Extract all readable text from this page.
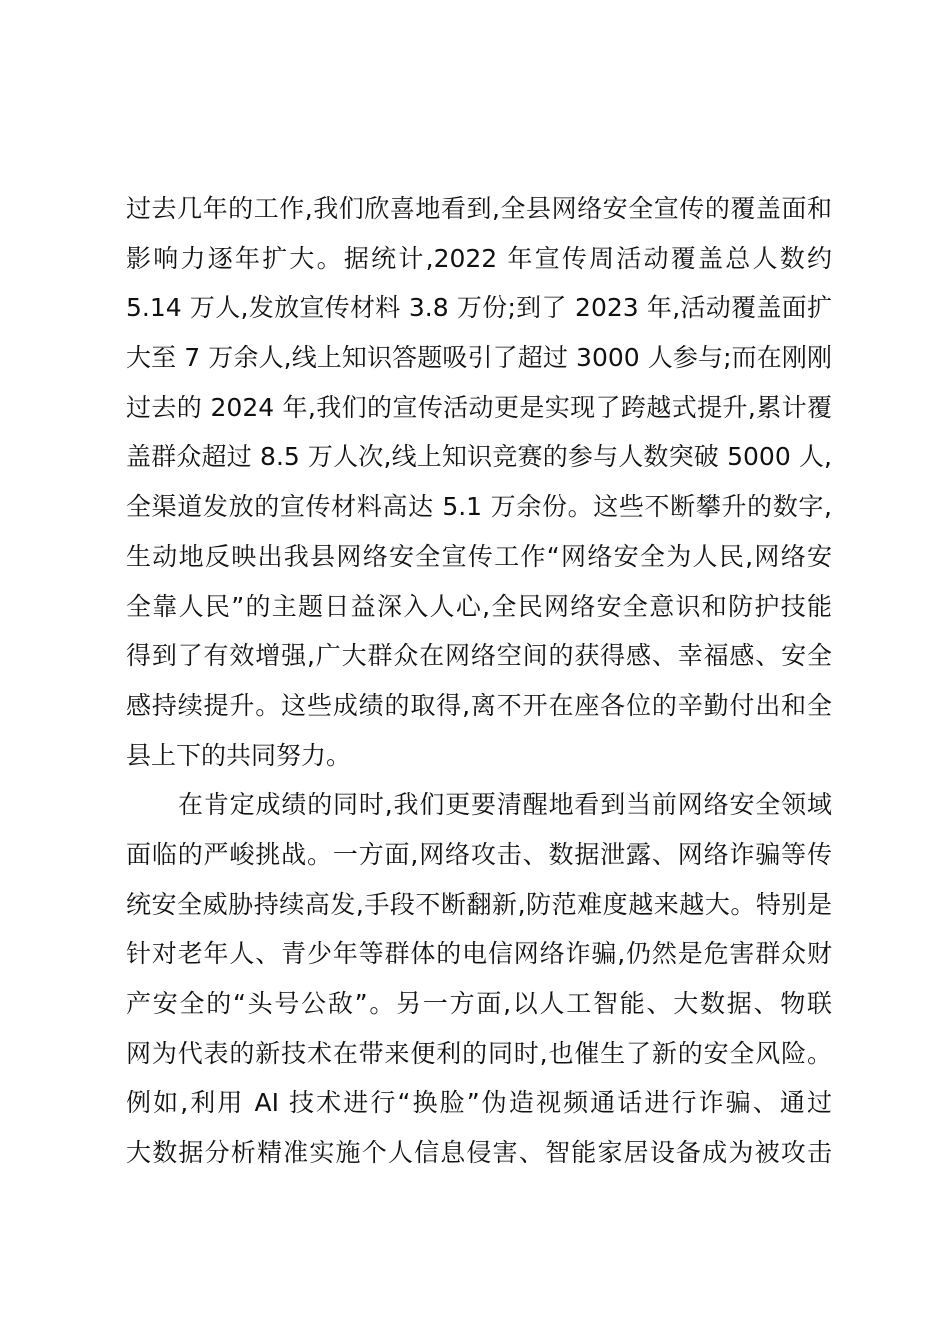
过去几年的工作,我们欣喜地看到,全县网络安全宣传的覆盖面和
影响力逐年扩大。据统计,2022 年宣传周活动覆盖总人数约
5.14 万人,发放宣传材料 3.8 万份;到了 2023 年,活动覆盖面扩
大至 7 万余人,线上知识答题吸引了超过 3000 人参与;而在刚刚
过去的 2024 年,我们的宣传活动更是实现了跨越式提升,累计覆
盖群众超过 8.5 万人次,线上知识竞赛的参与人数突破 5000 人,
全渠道发放的宣传材料高达 5.1 万余份。这些不断攀升的数字,
生动地反映出我县网络安全宣传工作“网络安全为人民,网络安
全靠人民”的主题日益深入人心,全民网络安全意识和防护技能
得到了有效增强,广大群众在网络空间的获得感、幸福感、安全
感持续提升。这些成绩的取得,离不开在座各位的辛勤付出和全
县上下的共同努力。
在肯定成绩的同时,我们更要清醒地看到当前网络安全领域
面临的严峻挑战。一方面,网络攻击、数据泄露、网络诈骗等传
统安全威胁持续高发,手段不断翻新,防范难度越来越大。特别是
针对老年人、青少年等群体的电信网络诈骗,仍然是危害群众财
产安全的“头号公敌”。另一方面,以人工智能、大数据、物联
网为代表的新技术在带来便利的同时,也催生了新的安全风险。
例如,利用 AI 技术进行“换脸”伪造视频通话进行诈骗、通过
大数据分析精准实施个人信息侵害、智能家居设备成为被攻击
